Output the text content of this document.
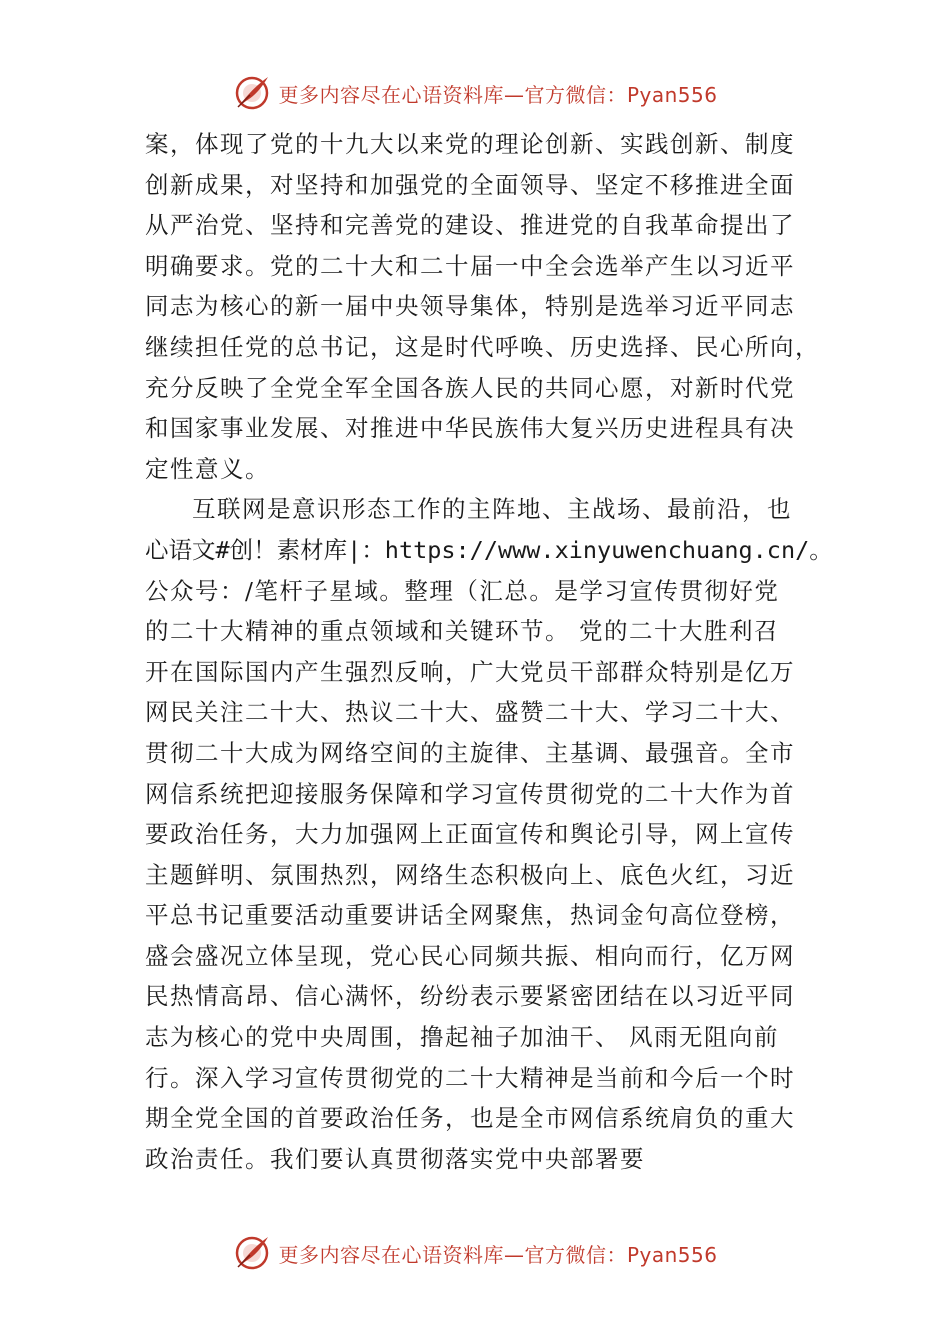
更多内容尽在心语资料库—官方微信：Pyan556
案，体现了党的十九大以来党的理论创新、实践创新、制度
创新成果，对坚持和加强党的全面领导、坚定不移推进全面
从严治党、坚持和完善党的建设、推进党的自我革命提出了
明确要求。党的二十大和二十届一中全会选举产生以习近平
同志为核心的新一届中央领导集体，特别是选举习近平同志
继续担任党的总书记，这是时代呼唤、历史选择、民心所向，
充分反映了全党全军全国各族人民的共同心愿，对新时代党
和国家事业发展、对推进中华民族伟大复兴历史进程具有决
定性意义。
互联网是意识形态工作的主阵地、主战场、最前沿，也
心语文#创！素材库|：https://www.xinyuwenchuang.cn/。
公众号：/笔杆子星域。整理（汇总。是学习宣传贯彻好党
的二十大精神的重点领域和关键环节。 党的二十大胜利召
开在国际国内产生强烈反响，广大党员干部群众特别是亿万
网民关注二十大、热议二十大、盛赞二十大、学习二十大、
贯彻二十大成为网络空间的主旋律、主基调、最强音。全市
网信系统把迎接服务保障和学习宣传贯彻党的二十大作为首
要政治任务，大力加强网上正面宣传和舆论引导，网上宣传
主题鲜明、氛围热烈，网络生态积极向上、底色火红，习近
平总书记重要活动重要讲话全网聚焦，热词金句高位登榜，
盛会盛况立体呈现，党心民心同频共振、相向而行，亿万网
民热情高昂、信心满怀，纷纷表示要紧密团结在以习近平同
志为核心的党中央周围，撸起袖子加油干、 风雨无阻向前
行。深入学习宣传贯彻党的二十大精神是当前和今后一个时
期全党全国的首要政治任务，也是全市网信系统肩负的重大
政治责任。我们要认真贯彻落实党中央部署要
更多内容尽在心语资料库—官方微信：Pyan556
